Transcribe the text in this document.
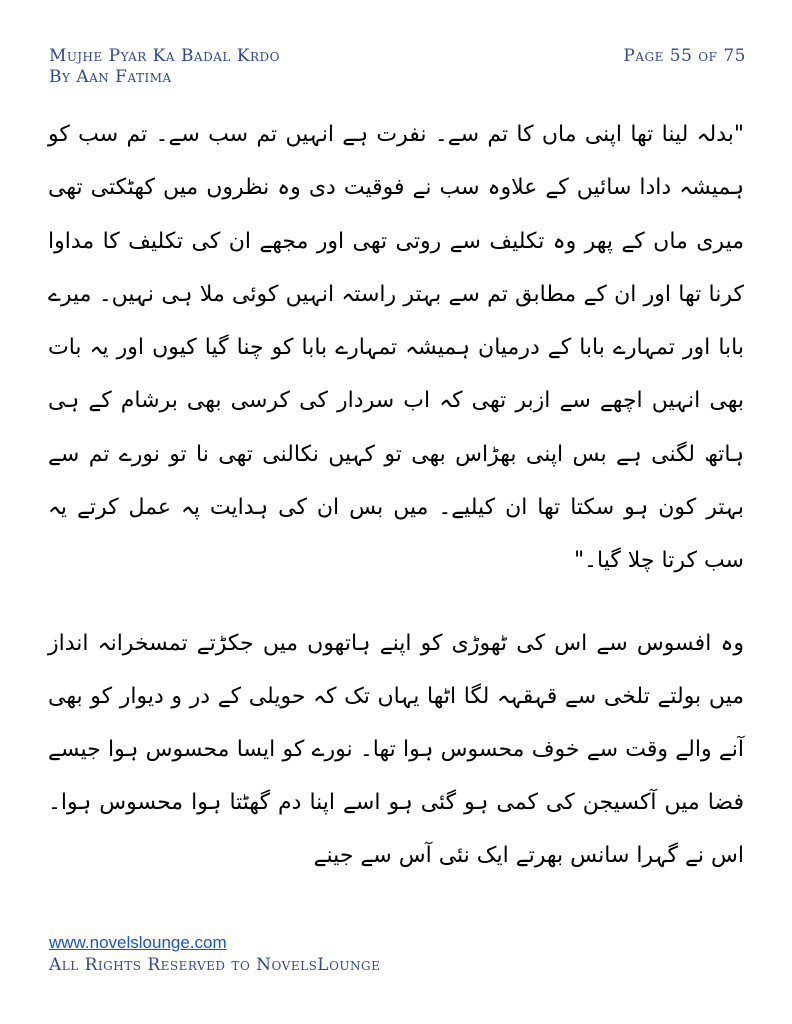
Mujhe Pyar Ka Badal Krdo
By Aan Fatima
Page 55 of 75

"بدلہ لینا تھا اپنی ماں کا تم سے۔ نفرت ہے انہیں تم سب سے۔ تم سب کو ہمیشہ دادا سائیں کے علاوہ سب نے فوقیت دی وہ نظروں میں کھٹکتی تھی میری ماں کے پھر وہ تکلیف سے روتی تھی اور مجھے ان کی تکلیف کا مداوا کرنا تھا اور ان کے مطابق تم سے بہتر راستہ انہیں کوئی ملا ہی نہیں۔ میرے بابا اور تمہارے بابا کے درمیان ہمیشہ تمہارے بابا کو چنا گیا کیوں اور یہ بات بھی انہیں اچھے سے ازبر تھی کہ اب سردار کی کرسی بھی برشام کے ہی ہاتھ لگنی ہے بس اپنی بھڑاس بھی تو کہیں نکالنی تھی نا تو نورے تم سے بہتر کون ہو سکتا تھا ان کیلیے۔ میں بس ان کی ہدایت پہ عمل کرتے یہ سب کرتا چلا گیا۔"

وہ افسوس سے اس کی ٹھوڑی کو اپنے ہاتھوں میں جکڑتے تمسخرانہ انداز میں بولتے تلخی سے قہقہہ لگا اٹھا یہاں تک کہ حویلی کے در و دیوار کو بھی آنے والے وقت سے خوف محسوس ہوا تھا۔ نورے کو ایسا محسوس ہوا جیسے فضا میں آکسیجن کی کمی ہو گئی ہو اسے اپنا دم گھٹتا ہوا محسوس ہوا۔ اس نے گہرا سانس بھرتے ایک نئی آس سے جینے

www.novelslounge.com
All Rights Reserved to NovelsLounge
